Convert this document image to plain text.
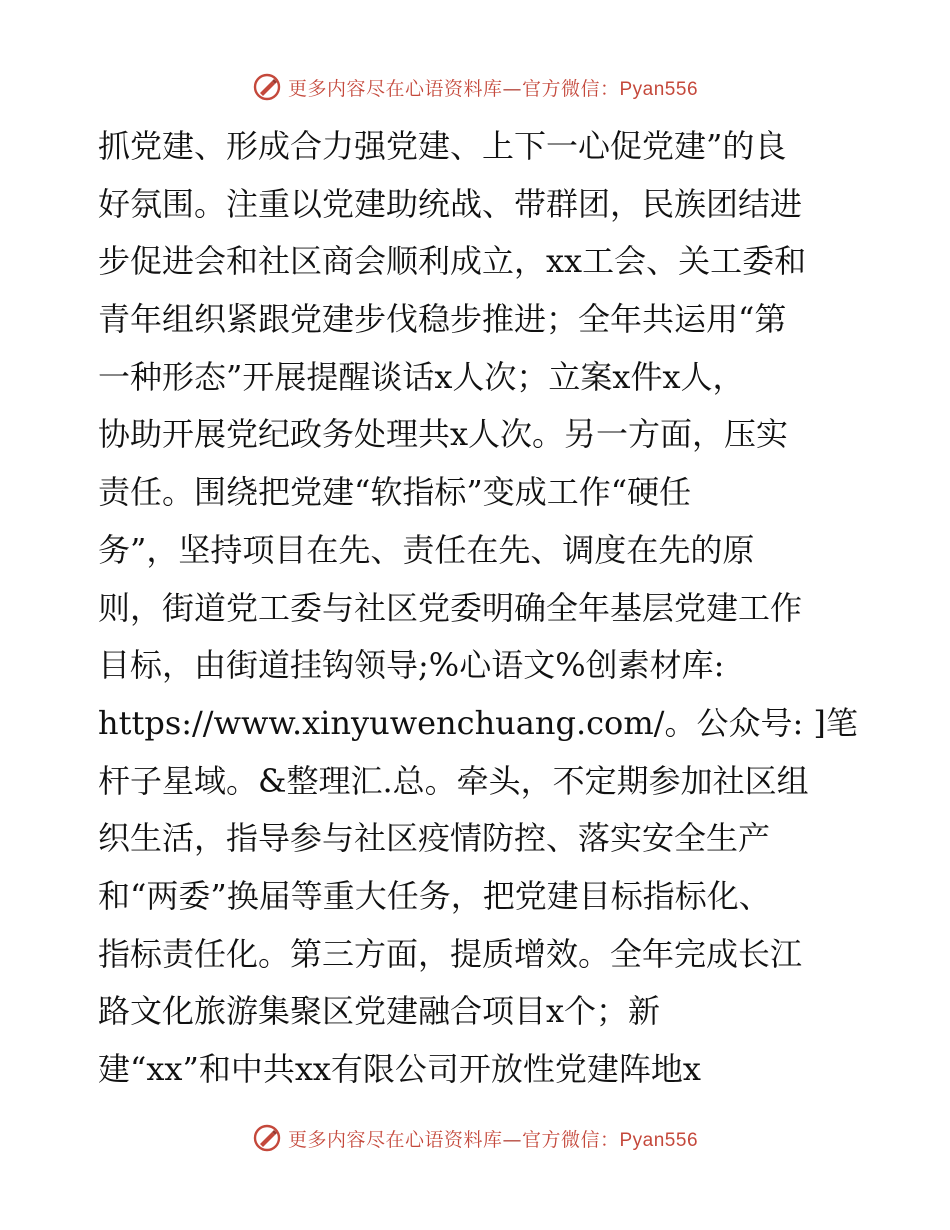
更多内容尽在心语资料库—官方微信：Pyan556
抓党建、形成合力强党建、上下一心促党建”的良
好氛围。注重以党建助统战、带群团，民族团结进
步促进会和社区商会顺利成立，xx工会、关工委和
青年组织紧跟党建步伐稳步推进；全年共运用“第
一种形态”开展提醒谈话x人次；立案x件x人，
协助开展党纪政务处理共x人次。另一方面，压实
责任。围绕把党建“软指标”变成工作“硬任
务”，坚持项目在先、责任在先、调度在先的原
则，街道党工委与社区党委明确全年基层党建工作
目标，由街道挂钩领导;%心语文%创素材库:
https://www.xinyuwenchuang.com/。公众号: ]笔
杆子星域。&整理汇.总。牵头，不定期参加社区组
织生活，指导参与社区疫情防控、落实安全生产
和“两委”换届等重大任务，把党建目标指标化、
指标责任化。第三方面，提质增效。全年完成长江
路文化旅游集聚区党建融合项目x个；新
建“xx”和中共xx有限公司开放性党建阵地x
更多内容尽在心语资料库—官方微信：Pyan556
